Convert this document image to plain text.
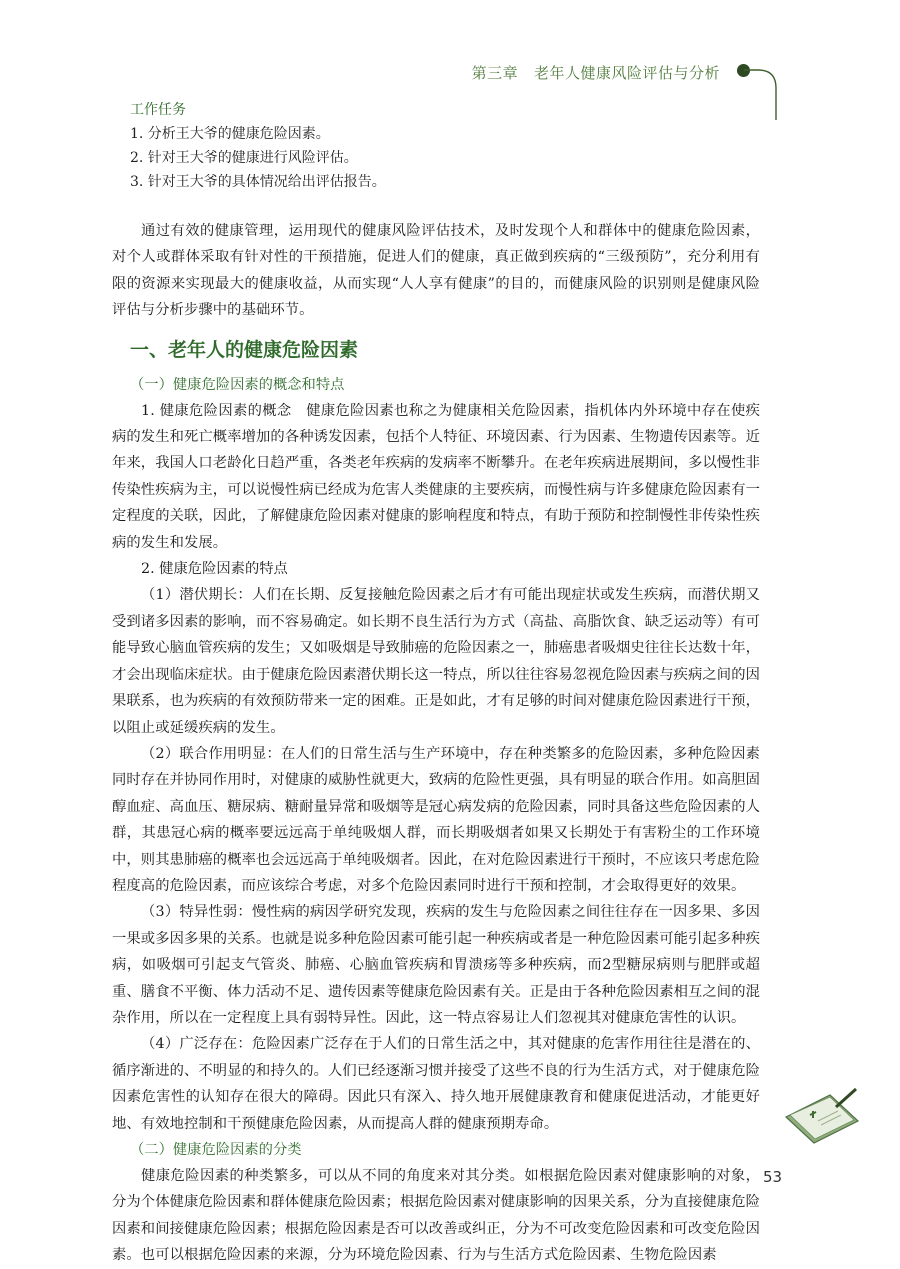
第三章 老年人健康风险评估与分析
工作任务
1. 分析王大爷的健康危险因素。
2. 针对王大爷的健康进行风险评估。
3. 针对王大爷的具体情况给出评估报告。

通过有效的健康管理，运用现代的健康风险评估技术，及时发现个人和群体中的健康危险因素，对个人或群体采取有针对性的干预措施，促进人们的健康，真正做到疾病的“三级预防”，充分利用有限的资源来实现最大的健康收益，从而实现“人人享有健康”的目的，而健康风险的识别则是健康风险评估与分析步骤中的基础环节。

一、老年人的健康危险因素
（一）健康危险因素的概念和特点

1. 健康危险因素的概念　健康危险因素也称之为健康相关危险因素，指机体内外环境中存在使疾病的发生和死亡概率增加的各种诱发因素，包括个人特征、环境因素、行为因素、生物遗传因素等。近年来，我国人口老龄化日趋严重，各类老年疾病的发病率不断攀升。在老年疾病进展期间，多以慢性非传染性疾病为主，可以说慢性病已经成为危害人类健康的主要疾病，而慢性病与许多健康危险因素有一定程度的关联，因此，了解健康危险因素对健康的影响程度和特点，有助于预防和控制慢性非传染性疾病的发生和发展。

2. 健康危险因素的特点

（1）潜伏期长：人们在长期、反复接触危险因素之后才有可能出现症状或发生疾病，而潜伏期又受到诸多因素的影响，而不容易确定。如长期不良生活行为方式（高盐、高脂饮食、缺乏运动等）有可能导致心脑血管疾病的发生；又如吸烟是导致肺癌的危险因素之一，肺癌患者吸烟史往往长达数十年，才会出现临床症状。由于健康危险因素潜伏期长这一特点，所以往往容易忽视危险因素与疾病之间的因果联系，也为疾病的有效预防带来一定的困难。正是如此，才有足够的时间对健康危险因素进行干预，以阻止或延缓疾病的发生。

（2）联合作用明显：在人们的日常生活与生产环境中，存在种类繁多的危险因素，多种危险因素同时存在并协同作用时，对健康的威胁性就更大，致病的危险性更强，具有明显的联合作用。如高胆固醇血症、高血压、糖尿病、糖耐量异常和吸烟等是冠心病发病的危险因素，同时具备这些危险因素的人群，其患冠心病的概率要远远高于单纯吸烟人群，而长期吸烟者如果又长期处于有害粉尘的工作环境中，则其患肺癌的概率也会远远高于单纯吸烟者。因此，在对危险因素进行干预时，不应该只考虑危险程度高的危险因素，而应该综合考虑，对多个危险因素同时进行干预和控制，才会取得更好的效果。

（3）特异性弱：慢性病的病因学研究发现，疾病的发生与危险因素之间往往存在一因多果、多因一果或多因多果的关系。也就是说多种危险因素可能引起一种疾病或者是一种危险因素可能引起多种疾病，如吸烟可引起支气管炎、肺癌、心脑血管疾病和胃溃疡等多种疾病，而2型糖尿病则与肥胖或超重、膳食不平衡、体力活动不足、遗传因素等健康危险因素有关。正是由于各种危险因素相互之间的混杂作用，所以在一定程度上具有弱特异性。因此，这一特点容易让人们忽视其对健康危害性的认识。

（4）广泛存在：危险因素广泛存在于人们的日常生活之中，其对健康的危害作用往往是潜在的、循序渐进的、不明显的和持久的。人们已经逐渐习惯并接受了这些不良的行为生活方式，对于健康危险因素危害性的认知存在很大的障碍。因此只有深入、持久地开展健康教育和健康促进活动，才能更好地、有效地控制和干预健康危险因素，从而提高人群的健康预期寿命。

（二）健康危险因素的分类

健康危险因素的种类繁多，可以从不同的角度来对其分类。如根据危险因素对健康影响的对象，分为个体健康危险因素和群体健康危险因素；根据危险因素对健康影响的因果关系，分为直接健康危险因素和间接健康危险因素；根据危险因素是否可以改善或纠正，分为不可改变危险因素和可改变危险因素。也可以根据危险因素的来源，分为环境危险因素、行为与生活方式危险因素、生物危险因素

53
